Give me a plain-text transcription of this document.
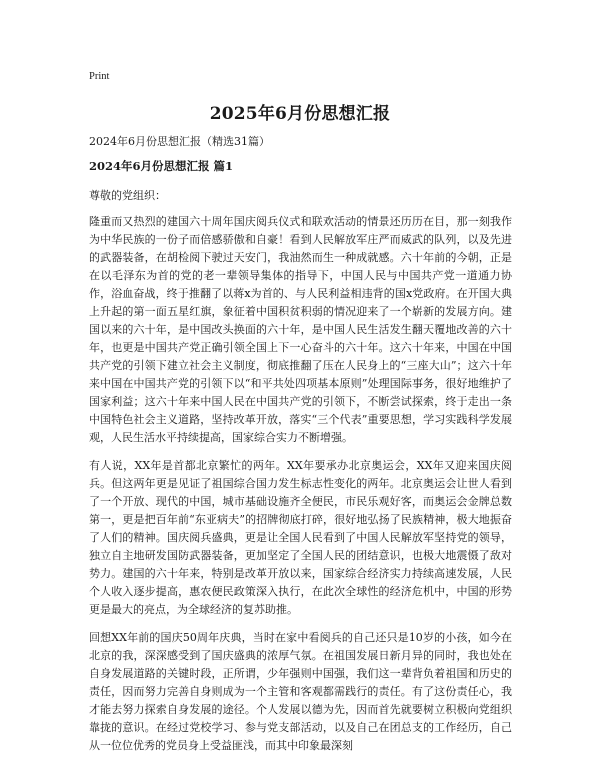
Print
2025年6月份思想汇报
2024年6月份思想汇报（精选31篇）
2024年6月份思想汇报 篇1
尊敬的党组织：

隆重而又热烈的建国六十周年国庆阅兵仪式和联欢活动的情景还历历在目，那一刻我作为中华民族的一份子而倍感骄傲和自豪！看到人民解放军庄严而威武的队列，以及先进的武器装备，在胡检阅下驶过天安门，我油然而生一种成就感。六十年前的今朝，正是在以毛泽东为首的党的老一辈领导集体的指导下，中国人民与中国共产党一道通力协作，浴血奋战，终于推翻了以蒋x为首的、与人民利益相违背的国x党政府。在开国大典上升起的第一面五星红旗，象征着中国积贫积弱的情况迎来了一个崭新的发展方向。建国以来的六十年，是中国改头换面的六十年，是中国人民生活发生翻天覆地改善的六十年，也更是中国共产党正确引领全国上下一心奋斗的六十年。这六十年来，中国在中国共产党的引领下建立社会主义制度，彻底推翻了压在人民身上的“三座大山”；这六十年来中国在中国共产党的引领下以“和平共处四项基本原则”处理国际事务，很好地维护了国家利益；这六十年来中国人民在中国共产党的引领下，不断尝试探索，终于走出一条中国特色社会主义道路，坚持改革开放，落实“三个代表”重要思想，学习实践科学发展观，人民生活水平持续提高，国家综合实力不断增强。

有人说，XX年是首都北京繁忙的两年。XX年要承办北京奥运会，XX年又迎来国庆阅兵。但这两年更是见证了祖国综合国力发生标志性变化的两年。北京奥运会让世人看到了一个开放、现代的中国，城市基础设施齐全便民，市民乐观好客，而奥运会金牌总数第一，更是把百年前“东亚病夫”的招牌彻底打碎，很好地弘扬了民族精神，极大地振奋了人们的精神。国庆阅兵盛典，更是让全国人民看到了中国人民解放军坚持党的领导，独立自主地研发国防武器装备，更加坚定了全国人民的团结意识，也极大地震慑了敌对势力。建国的六十年来，特别是改革开放以来，国家综合经济实力持续高速发展，人民个人收入逐步提高，惠农便民政策深入执行，在此次全球性的经济危机中，中国的形势更是最大的亮点，为全球经济的复苏助推。

回想XX年前的国庆50周年庆典，当时在家中看阅兵的自己还只是10岁的小孩，如今在北京的我，深深感受到了国庆盛典的浓厚气氛。在祖国发展日新月异的同时，我也处在自身发展道路的关键时段，正所谓，少年强则中国强，我们这一辈背负着祖国和历史的责任，因而努力完善自身则成为一个主管和客观都需践行的责任。有了这份责任心，我才能去努力探索自身发展的途径。个人发展以德为先，因而首先就要树立积极向党组织靠拢的意识。在经过党校学习、参与党支部活动，以及自己在团总支的工作经历，自己从一位位优秀的党员身上受益匪浅，而其中印象最深刻
